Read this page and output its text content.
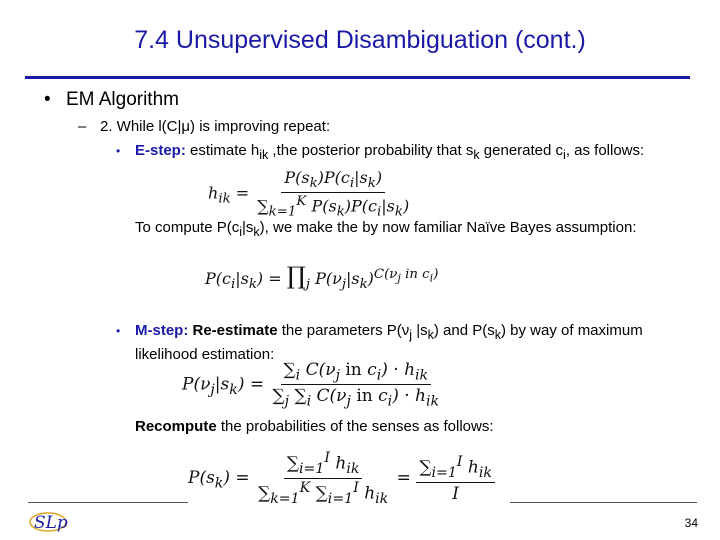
7.4 Unsupervised Disambiguation (cont.)
• EM Algorithm
– 2. While l(C|μ) is improving repeat:
• E-step: estimate $h_{ik}$ ,the posterior probability that $s_k$ generated $c_i$, as follows:
$h_{ik} = \frac{P(s_k)P(c_i|s_k)}{\sum_{k=1}^K P(s_k)P(c_i|s_k)}$
To compute $P(c_i|s_k)$, we make the by now familiar Naïve Bayes assumption:
$P(c_i|s_k)$ = $\prod_j$ $P(\nu_j|s_k)^{C(\nu_j in c_i)}$
• M-step: Re-estimate the parameters $P(\nu_j$ $|s_k$) and $P(s_k)$ by way of maximum likelihood estimation:
$P(\nu_j|s_k) = \frac{\sum_i C(\nu_j in c_i) \cdot h_{ik}}{\sum_j \sum_i C(\nu_j in c_i) \cdot h_{ik}}$
Recompute the probabilities of the senses as follows:
$P(s_k) = \frac{\sum_{i=1}^I h_{ik}}{\sum_{k=1}^K \sum_{i=1}^I h_{ik}} = \frac{\sum_{i=1}^I h_{ik}}{I}$
SLp	34
